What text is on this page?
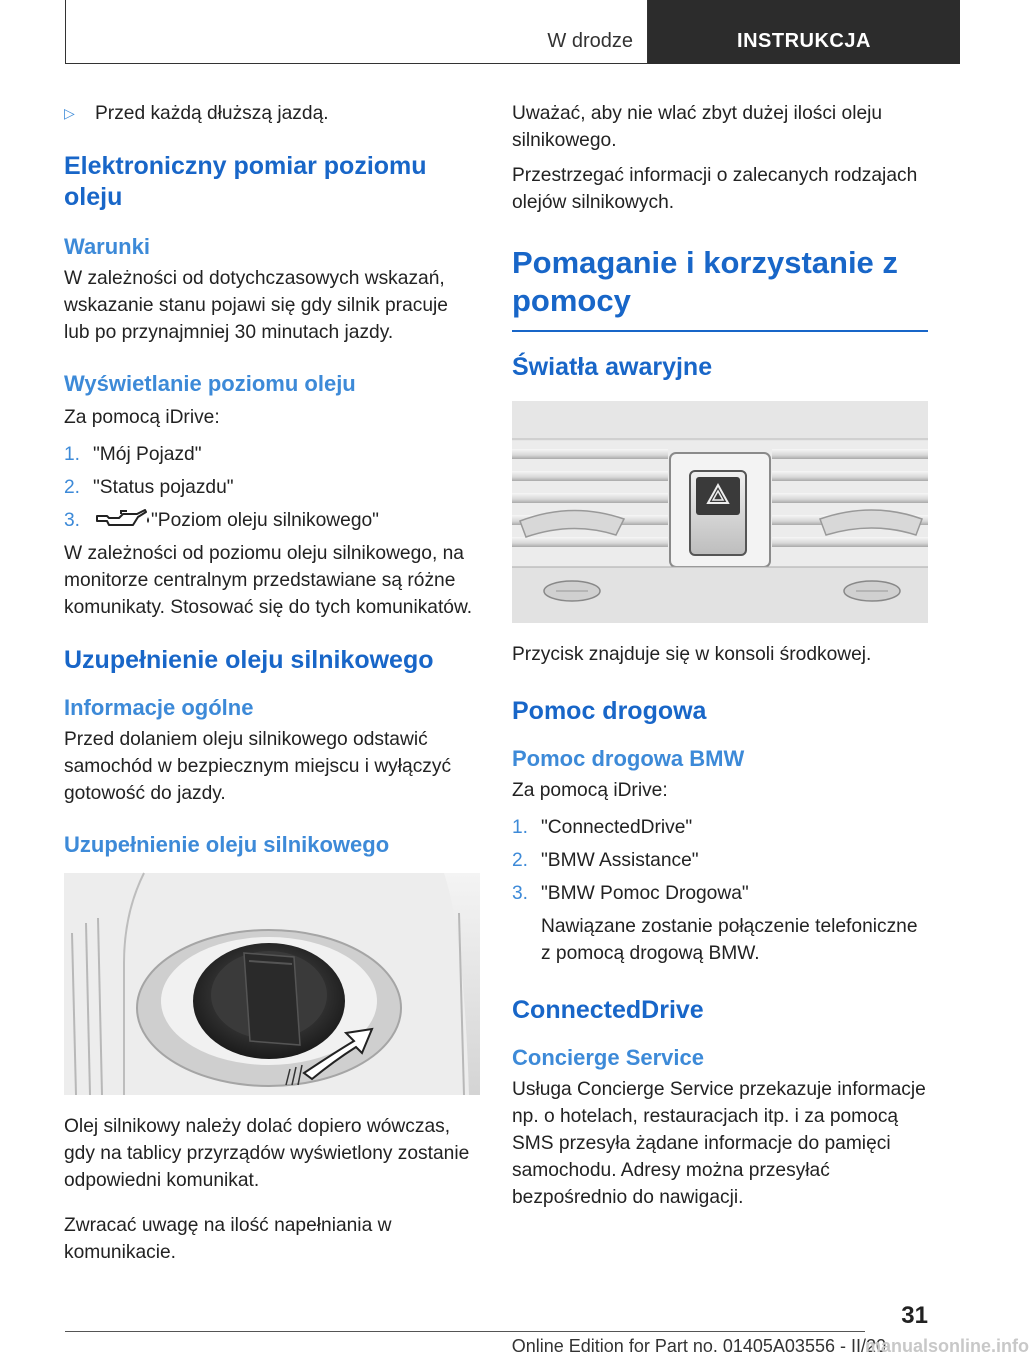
W drodze	INSTRUKCJA
▷	Przed każdą dłuższą jazdą.
Elektroniczny pomiar poziomu oleju
Warunki

W zależności od dotychczasowych wskazań, wskazanie stanu pojawi się gdy silnik pracuje lub po przynajmniej 30 minutach jazdy.

Wyświetlanie poziomu oleju

Za pomocą iDrive:

1. "Mój Pojazd"
2. "Status pojazdu"
3.	"Poziom oleju silnikowego"

W zależności od poziomu oleju silnikowego, na monitorze centralnym przedstawiane są różne komunikaty. Stosować się do tych komunikatów.

Uzupełnienie oleju silnikowego
Informacje ogólne

Przed dolaniem oleju silnikowego odstawić samochód w bezpiecznym miejscu i wyłączyć gotowość do jazdy.

Uzupełnienie oleju silnikowego

Olej silnikowy należy dolać dopiero wówczas, gdy na tablicy przyrządów wyświetlony zostanie odpowiedni komunikat.

Zwracać uwagę na ilość napełniania w komunikacie.

Uważać, aby nie wlać zbyt dużej ilości oleju silnikowego.

Przestrzegać informacji o zalecanych rodzajach olejów silnikowych.

Pomaganie i korzystanie z pomocy
Światła awaryjne

Przycisk znajduje się w konsoli środkowej.

Pomoc drogowa
Pomoc drogowa BMW

Za pomocą iDrive:

1. "ConnectedDrive"
2. "BMW Assistance"
3. "BMW Pomoc Drogowa"

Nawiązane zostanie połączenie telefoniczne z pomocą drogową BMW.

ConnectedDrive
Concierge Service

Usługa Concierge Service przekazuje informacje np. o hotelach, restauracjach itp. i za pomocą SMS przesyła żądane informacje do pamięci samochodu. Adresy można przesyłać bezpośrednio do nawigacji.

31
Online Edition for Part no. 01405A03556 - II/20
manualsonline.info
